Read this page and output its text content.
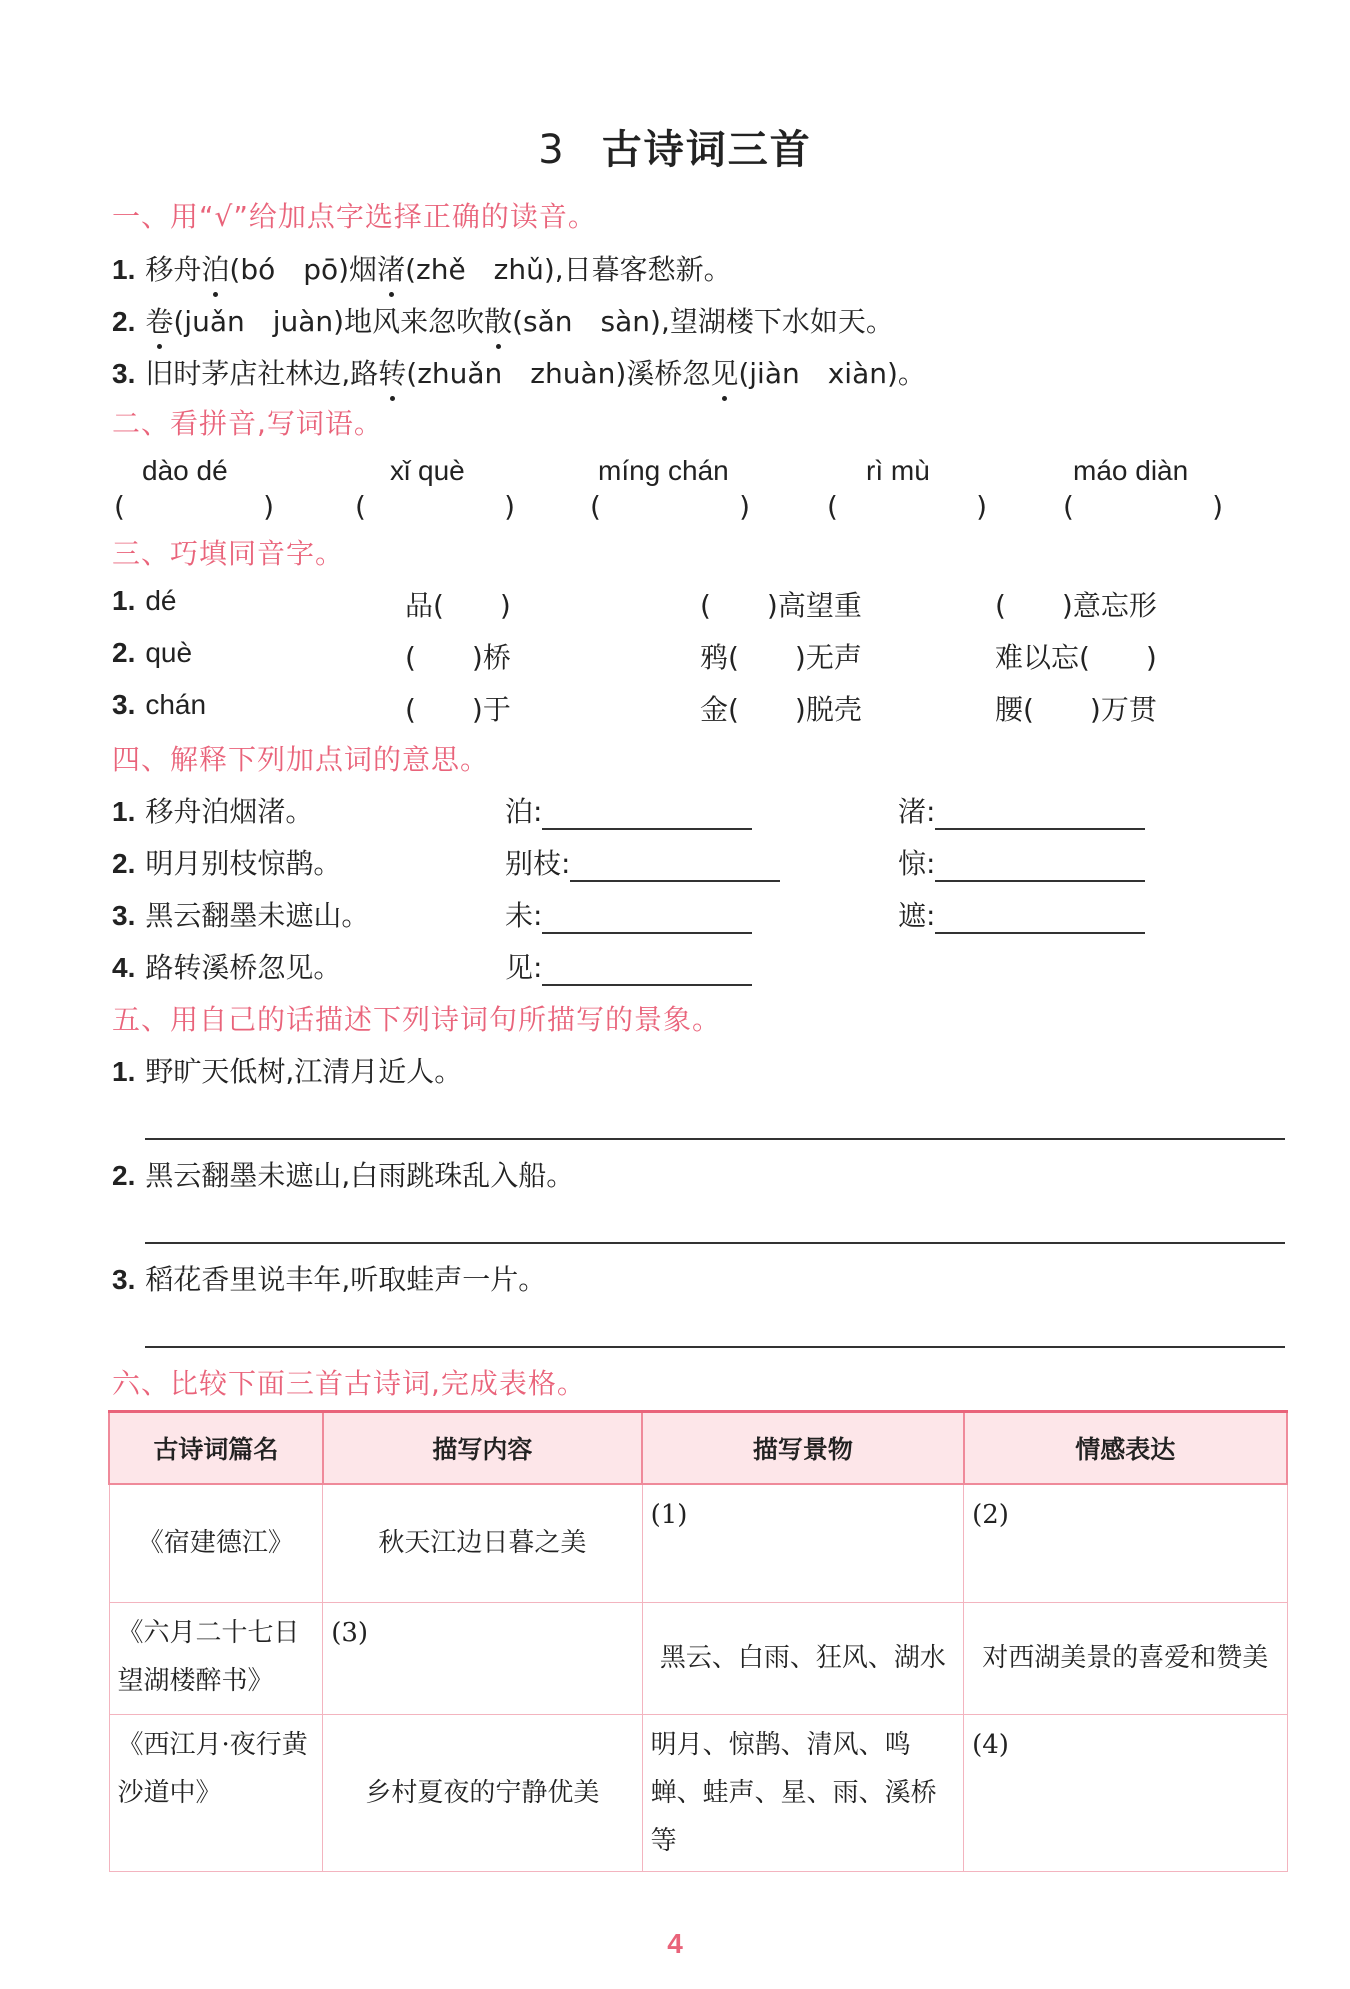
3 古诗词三首
一、用“√”给加点字选择正确的读音。
1. 移舟泊(bó　pō)烟渚(zhě　zhǔ),日暮客愁新。
2. 卷(juǎn　juàn)地风来忽吹散(sǎn　sàn),望湖楼下水如天。
3. 旧时茅店社林边,路转(zhuǎn　zhuàn)溪桥忽见(jiàn　xiàn)。
二、看拼音,写词语。
dào dé	xǐ què	míng chán	rì mù	máo diàn
(	)	(	)	(	)	(	)	(	)
三、巧填同音字。
1. dé	品(　　)	(　　)高望重	(　　)意忘形
2. què	(　　)桥	鸦(　　)无声	难以忘(　　)
3. chán	(　　)于	金(　　)脱壳	腰(　　)万贯
四、解释下列加点词的意思。
1. 移舟泊烟渚。	泊:	渚:
2. 明月别枝惊鹊。	别枝:	惊:
3. 黑云翻墨未遮山。	未:	遮:
4. 路转溪桥忽见。	见:
五、用自己的话描述下列诗词句所描写的景象。
1. 野旷天低树,江清月近人。
2. 黑云翻墨未遮山,白雨跳珠乱入船。
3. 稻花香里说丰年,听取蛙声一片。
六、比较下面三首古诗词,完成表格。
古诗词篇名	描写内容	描写景物	情感表达
《宿建德江》	秋天江边日暮之美	(1)	(2)
《六月二十七日望湖楼醉书》	(3)	黑云、白雨、狂风、湖水	对西湖美景的喜爱和赞美
《西江月·夜行黄沙道中》	乡村夏夜的宁静优美	明月、惊鹊、清风、鸣蝉、蛙声、星、雨、溪桥等	(4)
4
